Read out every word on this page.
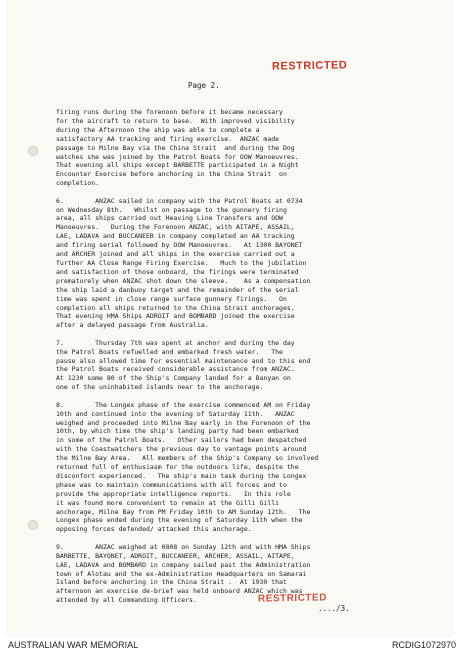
RESTRICTED
Page 2.
firing runs during the forenoon before it became necessary
for the aircraft to return to base.  With improved visibility
during the Afternoon the ship was able to complete a
satisfactory AA tracking and firing exercise.  ANZAC made
passage to Milne Bay via the China Strait  and during the Dog
watches she was joined by the Patrol Boats for OOW Manoeuvres.
That evening all ships except BARBETTE participated in a Night
Encounter Exercise before anchoring in the China Strait  on
completion.
6.        ANZAC sailed in company with the Patrol Boats at 0734
on Wednesday 8th.   Whilst on passage to the gunnery firing
area, all ships carried out Heaving Line Transfers and OOW
Manoeuvres.   During the Forenoon ANZAC, with AITAPE, ASSAIL,
LAE, LADAVA and BUCCANEER in company completed an AA tracking
and firing serial followed by OOW Manoeuvres.   At 1300 BAYONET
and ARCHER joined and all ships in the exercise carried out a
further AA Close Range Firing Exercise.   Much to the jubilation
and satisfaction of those onboard, the firings were terminated
prematurely when ANZAC shot down the sleeve.    As a compensation
the ship laid a danbuoy target and the remainder of the serial
time was spent in close range surface gunnery firings.   On
completion all ships returned to the China Strait anchorages.
That evening HMA Ships ADROIT and BOMBARD joined the exercise
after a delayed passage from Australia.
7.        Thursday 7th was spent at anchor and during the day
the Patrol Boats refuelled and embarked fresh water.   The
pause also allowed time for essential maintenance and to this end
the Patrol Boats received considerable assistance from ANZAC.
At 1230 some 80 of the Ship's Company landed for a Banyan on
one of the uninhabited islands near to the anchorage.
8.        The Longex phase of the exercise commenced AM on Friday
10th and continued into the evening of Saturday 11th.   ANZAC
weighed and proceeded into Milne Bay early in the Forenoon of the
10th, by which time the ship's landing party had been embarked
in some of the Patrol Boats.   Other sailors had been despatched
with the Coastwatchers the previous day to vantage points around
the Milne Bay Area.   All members of the Ship's Company so involved
returned full of enthusiasm for the outdoors life, despite the
disconfort experienced.   The ship's main task during the Longex
phase was to maintain communications with all forces and to
provide the appropriate intelligence reports.   In this role
it was found more convenient to remain at the Gilli Gilli
anchorage, Milne Bay from PM Friday 10th to AM Sunday 12th.   The
Longex phase ended during the evening of Saturday 11th when the
opposing forces defended/ attacked this anchorage.
9.        ANZAC weighed at 0808 on Sunday 12th and with HMA Ships
BARBETTE, BAYONET, ADROIT, BUCCANEER, ARCHER, ASSAIL, AITAPE,
LAE, LADAVA and BOMBARD in company sailed past the Administration
town of Alotau and the ex-Administration Headquarters on Samarai
Island before anchoring in the China Strait .  At 1930 that
afternoon an exercise de-brief was held onboard ANZAC which was
attended by all Commanding Officers.	RESTRICTED
..../3.
AUSTRALIAN WAR MEMORIAL	RCDIG1072970
